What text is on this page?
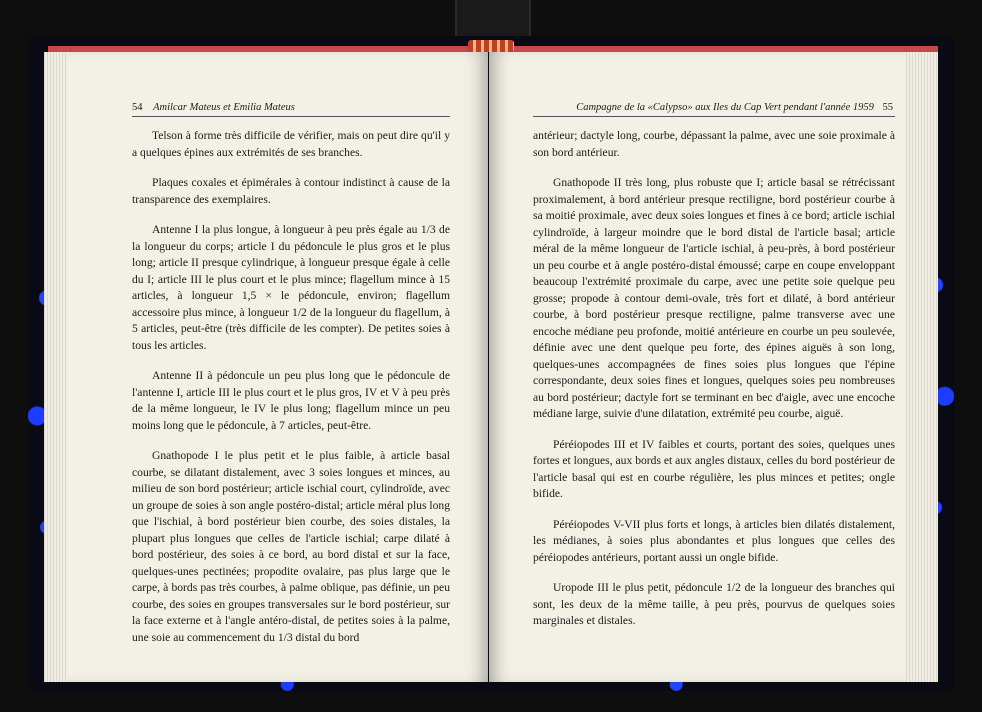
54 Amilcar Mateus et Emilia Mateus

Telson à forme très difficile de vérifier, mais on peut dire qu'il y a quelques épines aux extrémités de ses branches.

Plaques coxales et épimérales à contour indistinct à cause de la transparence des exemplaires.

Antenne I la plus longue, à longueur à peu près égale au 1/3 de la longueur du corps; article I du pédoncule le plus gros et le plus long; article II presque cylindrique, à longueur presque égale à celle du I; article III le plus court et le plus mince; flagellum mince à 15 articles, à longueur 1,5 × le pédoncule, environ; flagellum accessoire plus mince, à longueur 1/2 de la longueur du flagellum, à 5 articles, peut-être (très difficile de les compter). De petites soies à tous les articles.

Antenne II à pédoncule un peu plus long que le pédoncule de l'antenne I, article III le plus court et le plus gros, IV et V à peu près de la même longueur, le IV le plus long; flagellum mince un peu moins long que le pédoncule, à 7 articles, peut-être.

Gnathopode I le plus petit et le plus faible, à article basal courbe, se dilatant distalement, avec 3 soies longues et minces, au milieu de son bord postérieur; article ischial court, cylindroïde, avec un groupe de soies à son angle postéro-distal; article méral plus long que l'ischial, à bord postérieur bien courbe, des soies distales, la plupart plus longues que celles de l'article ischial; carpe dilaté à bord postérieur, des soies à ce bord, au bord distal et sur la face, quelques-unes pectinées; propodite ovalaire, pas plus large que le carpe, à bords pas très courbes, à palme oblique, pas définie, un peu courbe, des soies en groupes transversales sur le bord postérieur, sur la face externe et à l'angle antéro-distal, de petites soies à la palme, une soie au commencement du 1/3 distal du bord

Campagne de la «Calypso» aux Iles du Cap Vert pendant l'année 1959 55

antérieur; dactyle long, courbe, dépassant la palme, avec une soie proximale à son bord antérieur.

Gnathopode II très long, plus robuste que I; article basal se rétrécissant proximalement, à bord antérieur presque rectiligne, bord postérieur courbe à sa moitié proximale, avec deux soies longues et fines à ce bord; article ischial cylindroïde, à largeur moindre que le bord distal de l'article basal; article méral de la même longueur de l'article ischial, à peu-près, à bord postérieur un peu courbe et à angle postéro-distal émoussé; carpe en coupe enveloppant beaucoup l'extrémité proximale du carpe, avec une petite soie quelque peu grosse; propode à contour demi-ovale, très fort et dilaté, à bord antérieur courbe, à bord postérieur presque rectiligne, palme transverse avec une encoche médiane peu profonde, moitié antérieure en courbe un peu soulevée, définie avec une dent quelque peu forte, des épines aiguës à son long, quelques-unes accompagnées de fines soies plus longues que l'épine correspondante, deux soies fines et longues, quelques soies peu nombreuses au bord postérieur; dactyle fort se terminant en bec d'aigle, avec une encoche médiane large, suivie d'une dilatation, extrémité peu courbe, aiguë.

Péréiopodes III et IV faibles et courts, portant des soies, quelques unes fortes et longues, aux bords et aux angles distaux, celles du bord postérieur de l'article basal qui est en courbe régulière, les plus minces et petites; ongle bifide.

Péréiopodes V-VII plus forts et longs, à articles bien dilatés distalement, les médianes, à soies plus abondantes et plus longues que celles des péréiopodes antérieurs, portant aussi un ongle bifide.

Uropode III le plus petit, pédoncule 1/2 de la longueur des branches qui sont, les deux de la même taille, à peu près, pourvus de quelques soies marginales et distales.
